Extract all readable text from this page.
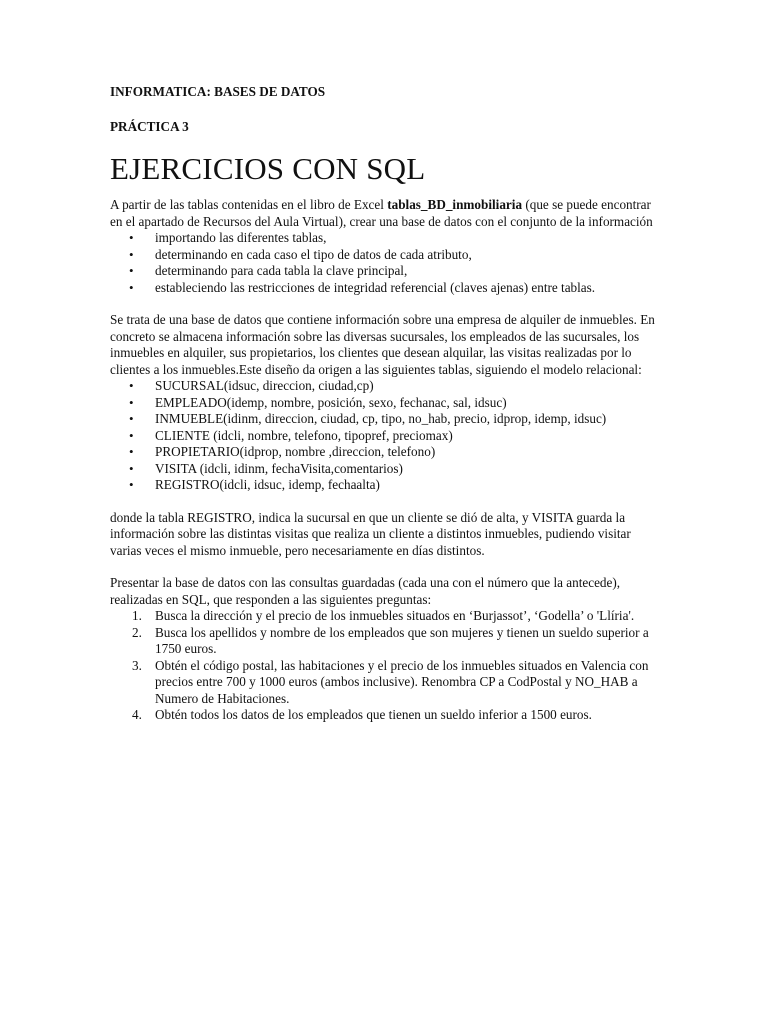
INFORMATICA: BASES DE DATOS

PRÁCTICA 3

EJERCICIOS CON SQL

A partir de las tablas contenidas en el libro de Excel tablas_BD_inmobiliaria (que se puede encontrar en el apartado de Recursos del Aula Virtual), crear una base de datos con el conjunto de la información

• importando las diferentes tablas,
• determinando en cada caso el tipo de datos de cada atributo,
• determinando para cada tabla la clave principal,
• estableciendo las restricciones de integridad referencial (claves ajenas) entre tablas.

Se trata de una base de datos que contiene información sobre una empresa de alquiler de inmuebles. En concreto se almacena información sobre las diversas sucursales, los empleados de las sucursales, los inmuebles en alquiler, sus propietarios, los clientes que desean alquilar, las visitas realizadas por lo clientes a los inmuebles.Este diseño da origen a las siguientes tablas, siguiendo el modelo relacional:

• SUCURSAL(idsuc, direccion, ciudad,cp)
• EMPLEADO(idemp, nombre, posición, sexo, fechanac, sal, idsuc)
• INMUEBLE(idinm, direccion, ciudad, cp, tipo, no_hab, precio, idprop, idemp, idsuc)
• CLIENTE (idcli, nombre, telefono, tipopref, preciomax)
• PROPIETARIO(idprop, nombre ,direccion, telefono)
• VISITA (idcli, idinm, fechaVisita,comentarios)
• REGISTRO(idcli, idsuc, idemp, fechaalta)

donde la tabla REGISTRO, indica la sucursal en que un cliente se dió de alta, y VISITA guarda la información sobre las distintas visitas que realiza un cliente a distintos inmuebles, pudiendo visitar varias veces el mismo inmueble, pero necesariamente en días distintos.

Presentar la base de datos con las consultas guardadas (cada una con el número que la antecede), realizadas en SQL, que responden a las siguientes preguntas:

1. Busca la dirección y el precio de los inmuebles situados en ‘Burjassot’, ‘Godella’ o 'Llíria'.
2. Busca los apellidos y nombre de los empleados que son mujeres y tienen un sueldo superior a 1750 euros.
3. Obtén el código postal, las habitaciones y el precio de los inmuebles situados en Valencia con precios entre 700 y 1000 euros (ambos inclusive). Renombra CP a CodPostal y NO_HAB a Numero de Habitaciones.
4. Obtén todos los datos de los empleados que tienen un sueldo inferior a 1500 euros.
